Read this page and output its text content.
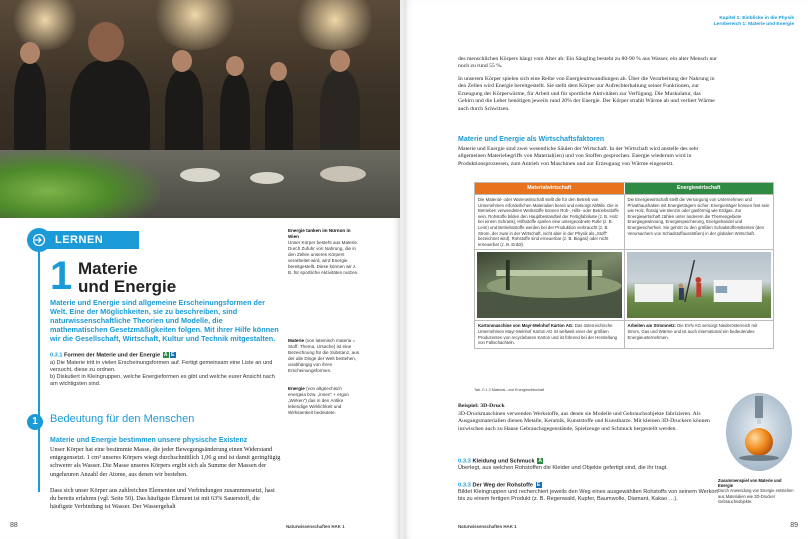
LERNEN
1 Materie
und Energie
Materie und Energie sind allgemeine Erscheinungsformen der Welt. Eine der Möglichkeiten, sie zu beschreiben, sind naturwissenschaftliche Theorien und Modelle, die mathematischen Gesetzmäßigkeiten folgen. Mit ihrer Hilfe können wir die Gesellschaft, Wirtschaft, Kultur und Technik mitgestalten.
0.3.1 Formen der Materie und der Energie A E
a) Die Materie tritt in vielen Erscheinungsformen auf. Fertigt gemeinsam eine Liste an und versucht, diese zu ordnen.
b) Diskutiert in Kleingruppen, welche Energieformen es gibt und welche eurer Ansicht nach am wichtigsten sind.
1	Bedeutung für den Menschen
Materie und Energie bestimmen unsere physische Existenz
Unser Körper hat eine bestimmte Masse, die jeder Bewegungsänderung einen Widerstand entgegensetzt. 1 cm³ unseres Körpers wiegt durchschnittlich 1,06 g und ist damit geringfügig schwerer als Wasser. Die Masse unseres Körpers ergibt sich als Summe der Massen der ungeheuren Anzahl der Atome, aus denen wir bestehen.
Dass sich unser Körper aus zahlreichen Elementen und Verbindungen zusammensetzt, hast du bereits erfahren (vgl. Seite 50). Das häufigste Element ist mit 63% Sauerstoff, die häufigste Verbindung ist Wasser. Der Wassergehalt
Energie tanken im Nürnon in Wien
Unser Körper besteht aus Materie. Durch Zufuhr von Nahrung, die in den Zellen unseres Körpers verarbeitet wird, wird Energie bereitgestellt. Diese können wir z. B. für sportliche Aktivitäten nutzen.
Materie (von lateinisch materia = Stoff, Thema, Ursache) ist eine Bezeichnung für die Substanz, aus der alle Dinge der Welt bestehen, unabhängig von ihren Erscheinungsformen.
Energie (von altgriechisch energeia bzw. „innen“ + ergon „Wirken“) das in den Antike lebendige Wirklichkeit und Wirksamkeit bedeutete.
88	Naturwissenschaften HAK 1
Kapitel 1: Einblicke in die Physik
Lernbereich 1: Materie und Energie
des menschlichen Körpers hängt vom Alter ab: Ein Säugling besteht zu 80-90 % aus Wasser, ein alter Mensch nur noch zu rund 55 %.
In unserem Körper spielen sich eine Reihe von Energieumwandlungen ab. Über die Verarbeitung der Nahrung in den Zellen wird Energie bereitgestellt. Sie stellt dem Körper zur Aufrechterhaltung seiner Funktionen, zur Erzeugung der Körperwärme, für Arbeit und für sportliche Aktivitäten zur Verfügung. Die Muskulatur, das Gehirn und die Leber benötigen jeweils rund 20% der Energie. Der Körper strahlt Wärme ab und verliert Wärme auch durch Schwitzen.
Materie und Energie als Wirtschaftsfaktoren
Materie und Energie sind zwei wesentliche Säulen der Wirtschaft. In der Wirtschaft wird anstelle des sehr allgemeinen Materiebegriffs von Material(ien) und von Stoffen gesprochen. Energie wiederum wird in Produktionsprozessen, zum Antrieb von Maschinen und zur Erzeugung von Wärme eingesetzt.
Materialwirtschaft	Energiewirtschaft
Die Material- oder Warenwirtschaft stellt die für den Betrieb von Unternehmen erforderlichen Materialien bereit und entsorgt Abfälle. Die in Betrieben verwendeten Werkstoffe können Roh-, Hilfs- oder Betriebsstoffe sein. Rohstoffe bilden den Hauptbestandteil der Fertigfabrikate (z. B. Holz bei einem Schrank), Hilfsstoffe spielen eine untergeordnete Rolle (z. B. Leim) und Betriebsstoffe werden bei der Produktion verbraucht (z. B. Strom, der zwar in der Wirtschaft, nicht aber in der Physik als „Stoff“ bezeichnet wird). Rohstoffe sind erneuerbar (z. B. Biogas) oder nicht erneuerbar (z. B. Erdöl).
Die Energiewirtschaft stellt die Versorgung von Unternehmen und Privathaushalten mit Energieträgern sicher. Energieträger können fest sein wie Holz, flüssig wie Benzin oder gasförmig wie Erdgas. Zur Energiewirtschaft zählen unter anderem die Themengebiete Energiegewinnung, Energiespeicherung, Energiehandel und Energiesicherheit. Sie gehört zu den größten Schadstoffemittenten (den Verursachern von Schadstoffausstößen) in der globalen Wirtschaft.
Kartonmaschine von Mayr-Melnhof Karton AG: Das österreichische Unternehmen Mayr-Melnhof Karton AG ist weltweit einer der größten Produzenten von recyclebaren Karton und ist führend bei der Herstellung von Faltschachteln.
Arbeiten am Stromnetz: Die EVN AG versorgt Niederösterreich mit Strom, Gas und Wärme und ist auch international ein bedeutendes Energieunternehmen.
Tab. 0.1.2 Material- und Energiewirtschaft
Beispiel: 3D-Druck
3D-Druckmaschinen verwenden Werkstoffe, aus denen sie Modelle und Gebrauchsobjekte fabrizieren. Als Ausgangsmaterialien dienen Metalle, Keramik, Kunststoffe und Kunstharze. Mit kleinen 3D-Druckern können inzwischen auch zu Hause Gebrauchsgegenstände, Spielzeuge und Schmuck hergestellt werden.
0.3.3 Kleidung und Schmuck A
Überlegt, aus welchen Rohstoffen die Kleider und Objekte gefertigt sind, die ihr tragt.
0.3.3 Der Weg der Rohstoffe E
Bildet Kleingruppen und recherchiert jeweils den Weg eines ausgewählten Rohstoffs von seinem Werkort bis zu einem fertigen Produkt (z. B. Regenwald, Kupfer, Baumwolle, Diamant, Kakao …).
Zusammenspiel von Materie und Energie
Durch Anwendung von Energie entstehen aus Materialien wie 3D-Drucker Gebrauchsobjekte.
Naturwissenschaften HAK 1	89
